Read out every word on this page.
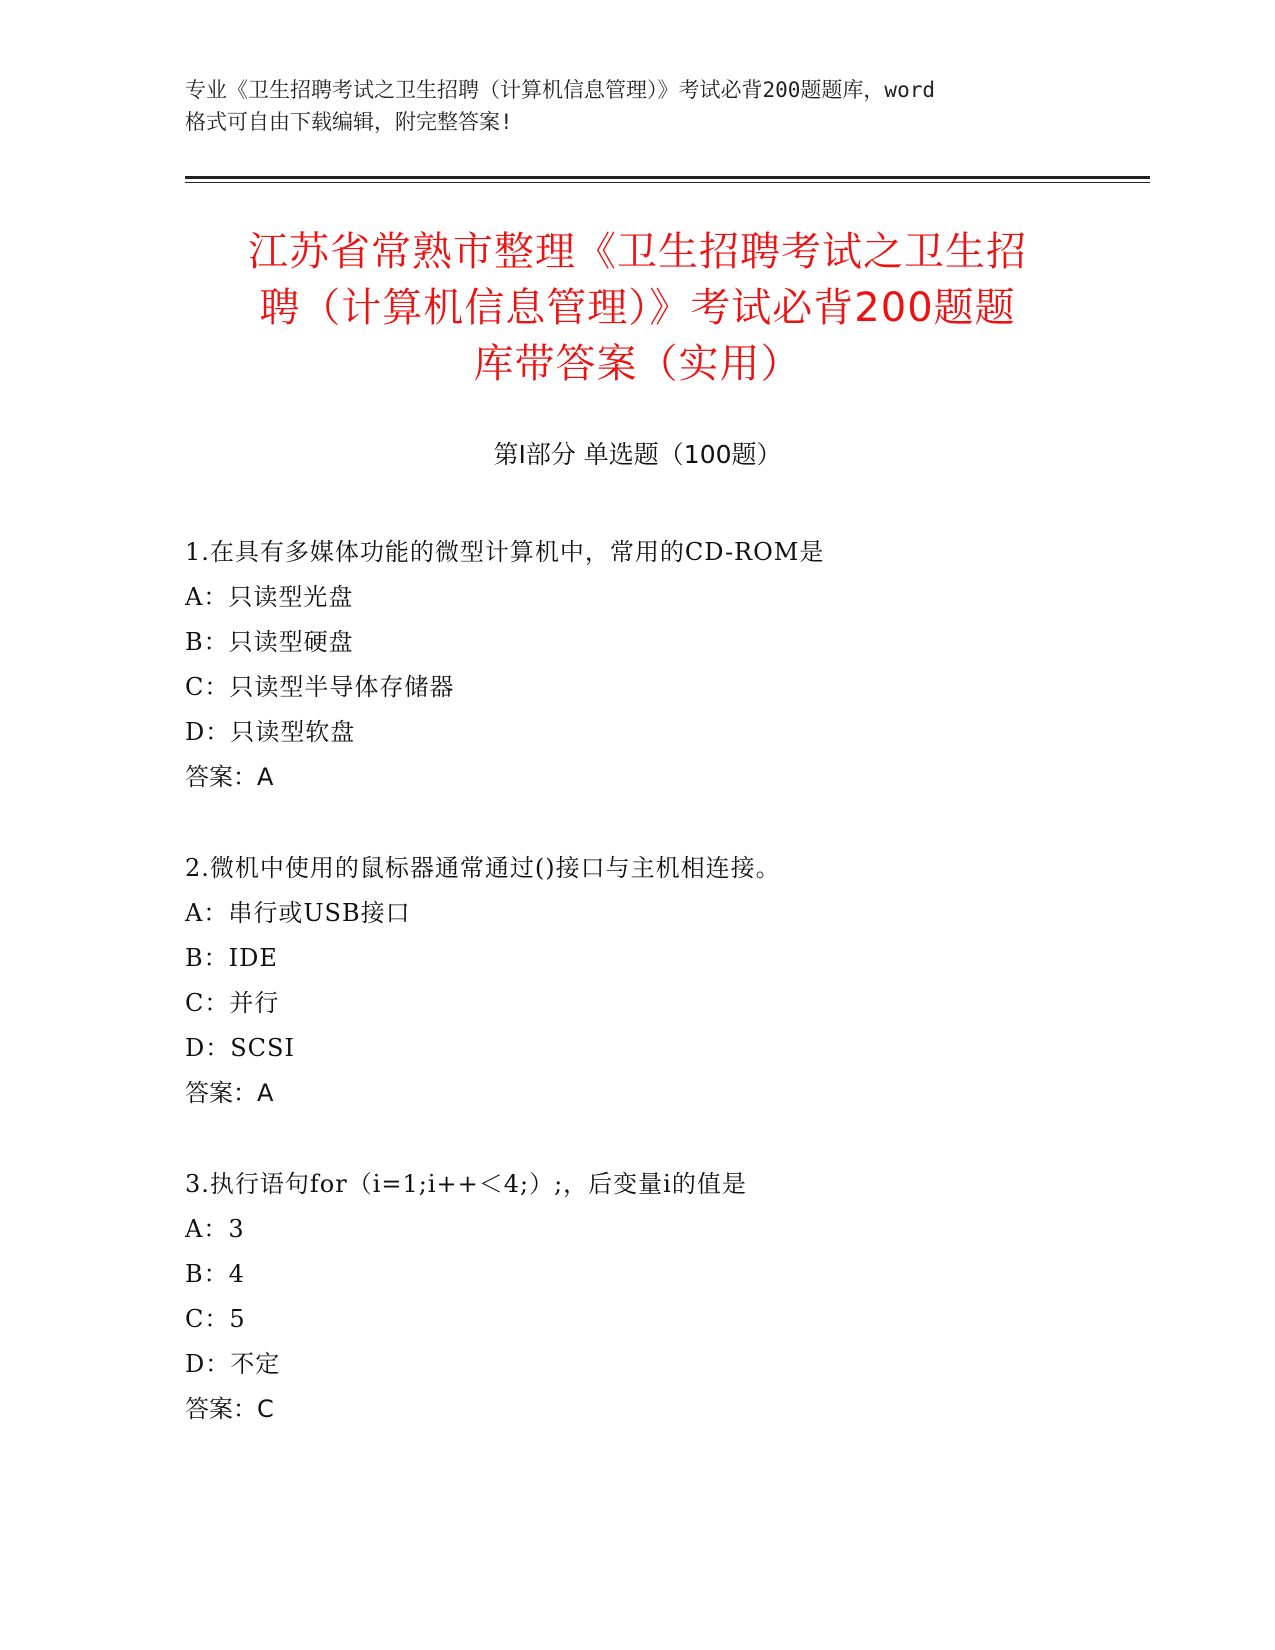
专业《卫生招聘考试之卫生招聘（计算机信息管理）》考试必背200题题库，word
格式可自由下载编辑，附完整答案!
江苏省常熟市整理《卫生招聘考试之卫生招
聘（计算机信息管理）》考试必背200题题
库带答案（实用）
第Ⅰ部分 单选题（100题）
1.在具有多媒体功能的微型计算机中，常用的CD-ROM是
A：只读型光盘
B：只读型硬盘
C：只读型半导体存储器
D：只读型软盘
答案：A
2.微机中使用的鼠标器通常通过()接口与主机相连接。
A：串行或USB接口
B：IDE
C：并行
D：SCSI
答案：A
3.执行语句for（i=1;i++＜4;）;，后变量i的值是
A：3
B：4
C：5
D：不定
答案：C
